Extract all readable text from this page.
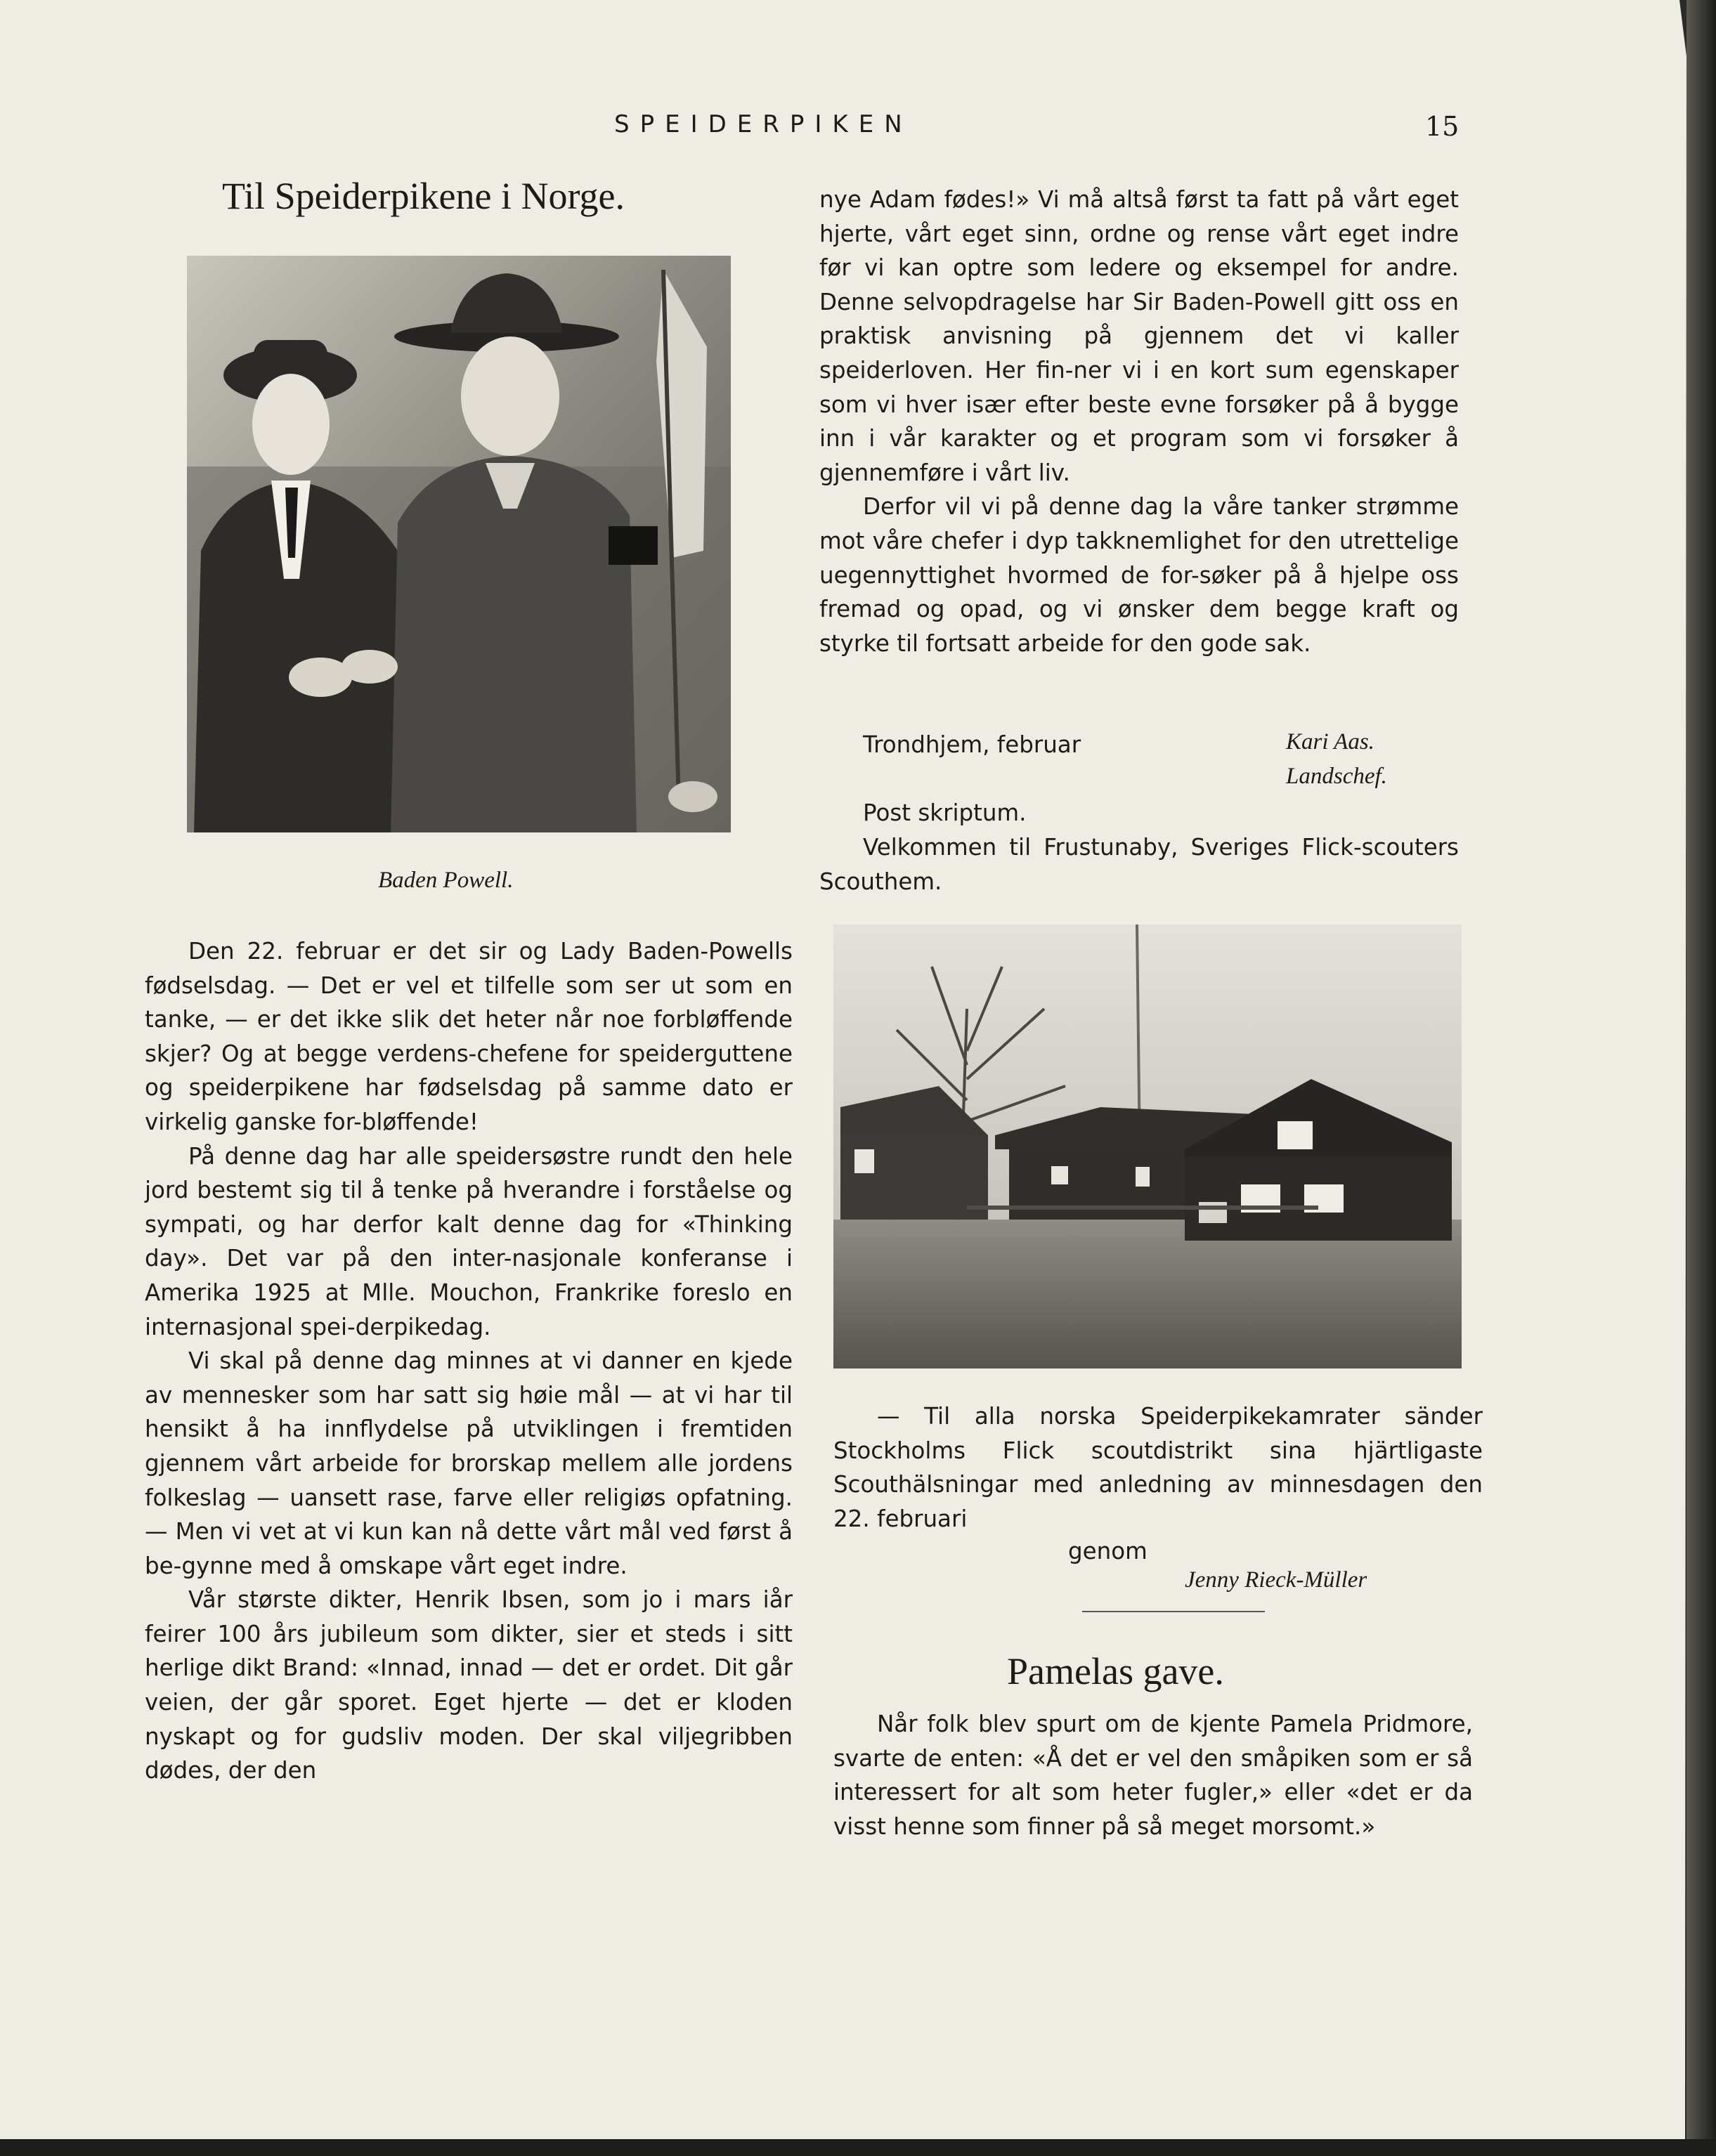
SPEIDERPIKEN	15
Til Speiderpikene i Norge.
Baden Powell.

Den 22. februar er det sir og Lady Baden-Powells fødselsdag. — Det er vel et tilfelle som ser ut som en tanke, — er det ikke slik det heter når noe forbløffende skjer? Og at begge verdens-chefene for speiderguttene og speiderpikene har fødselsdag på samme dato er virkelig ganske for-bløffende!

På denne dag har alle speidersøstre rundt den hele jord bestemt sig til å tenke på hverandre i forståelse og sympati, og har derfor kalt denne dag for «Thinking day». Det var på den inter-nasjonale konferanse i Amerika 1925 at Mlle. Mouchon, Frankrike foreslo en internasjonal spei-derpikedag.

Vi skal på denne dag minnes at vi danner en kjede av mennesker som har satt sig høie mål — at vi har til hensikt å ha innflydelse på utviklingen i fremtiden gjennem vårt arbeide for brorskap mellem alle jordens folkeslag — uansett rase, farve eller religiøs opfatning. — Men vi vet at vi kun kan nå dette vårt mål ved først å be-gynne med å omskape vårt eget indre.

Vår største dikter, Henrik Ibsen, som jo i mars iår feirer 100 års jubileum som dikter, sier et steds i sitt herlige dikt Brand: «Innad, innad — det er ordet. Dit går veien, der går sporet. Eget hjerte — det er kloden nyskapt og for gudsliv moden. Der skal viljegribben dødes, der den

nye Adam fødes!» Vi må altså først ta fatt på vårt eget hjerte, vårt eget sinn, ordne og rense vårt eget indre før vi kan optre som ledere og eksempel for andre. Denne selvopdragelse har Sir Baden-Powell gitt oss en praktisk anvisning på gjennem det vi kaller speiderloven. Her fin-ner vi i en kort sum egenskaper som vi hver især efter beste evne forsøker på å bygge inn i vår karakter og et program som vi forsøker å gjennemføre i vårt liv.

Derfor vil vi på denne dag la våre tanker strømme mot våre chefer i dyp takknemlighet for den utrettelige uegennyttighet hvormed de for-søker på å hjelpe oss fremad og opad, og vi ønsker dem begge kraft og styrke til fortsatt arbeide for den gode sak.

Trondhjem, februar	Kari Aas.
Landschef.
Post skriptum.
Velkommen til Frustunaby, Sveriges Flick-scouters Scouthem.
— Til alla norska Speiderpikekamrater sänder Stockholms Flick scoutdistrikt sina hjärtligaste Scouthälsningar med anledning av minnesdagen den 22. februari
genom
Jenny Rieck-Müller
Pamelas gave.
Når folk blev spurt om de kjente Pamela Pridmore, svarte de enten: «Å det er vel den småpiken som er så interessert for alt som heter fugler,» eller «det er da visst henne som finner på så meget morsomt.»
